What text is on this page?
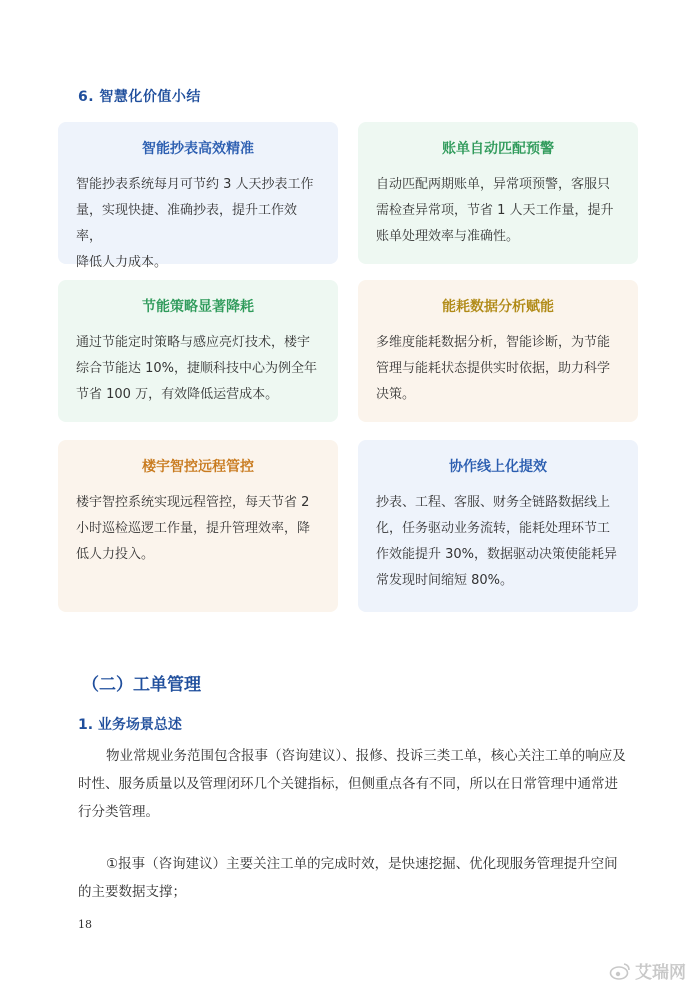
6. 智慧化价值小结
智能抄表高效精准
智能抄表系统每月可节约 3 人天抄表工作
量，实现快捷、准确抄表，提升工作效率，
降低人力成本。
账单自动匹配预警
自动匹配两期账单，异常项预警，客服只
需检查异常项，节省 1 人天工作量，提升
账单处理效率与准确性。
节能策略显著降耗
通过节能定时策略与感应亮灯技术，楼宇
综合节能达 10%，捷顺科技中心为例全年
节省 100 万，有效降低运营成本。
能耗数据分析赋能
多维度能耗数据分析，智能诊断，为节能
管理与能耗状态提供实时依据，助力科学
决策。
楼宇智控远程管控
楼宇智控系统实现远程管控，每天节省 2
小时巡检巡逻工作量，提升管理效率，降
低人力投入。
协作线上化提效
抄表、工程、客服、财务全链路数据线上
化，任务驱动业务流转，能耗处理环节工
作效能提升 30%，数据驱动决策使能耗异
常发现时间缩短 80%。
（二）工单管理
1. 业务场景总述
物业常规业务范围包含报事（咨询建议）、报修、投诉三类工单，核心关注工单的响应及时性、服务质量以及管理闭环几个关键指标，但侧重点各有不同，所以在日常管理中通常进行分类管理。
①报事（咨询建议）主要关注工单的完成时效，是快速挖掘、优化现服务管理提升空间的主要数据支撑；
18
艾瑞网
